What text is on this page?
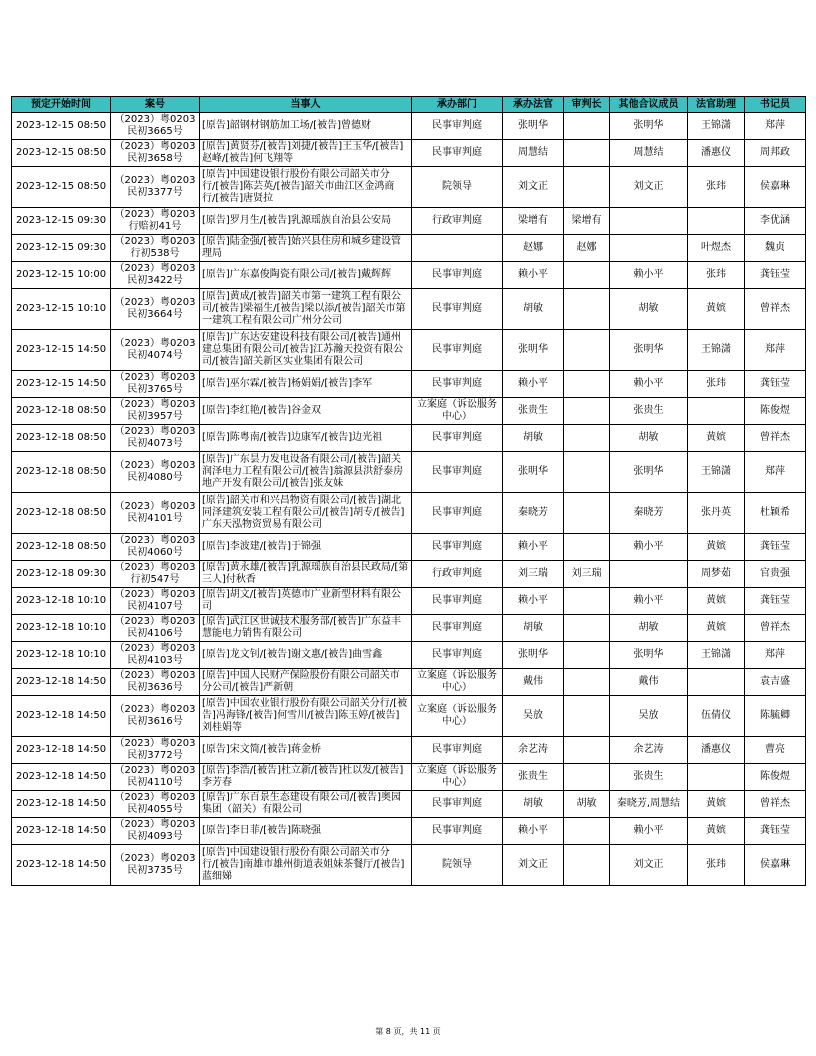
预定开始时间	案号	当事人	承办部门	承办法官	审判长	其他合议成员	法官助理	书记员
2023-12-15 08:50	（2023）粤0203民初3665号	[原告]韶钢材钢筋加工场/[被告]曾德财	民事审判庭	张明华		张明华	王锦潇	郑萍
2023-12-15 08:50	（2023）粤0203民初3658号	[原告]黄贤芬/[被告]刘捷/[被告]王玉华/[被告]赵峰/[被告]何飞翔等	民事审判庭	周慧结		周慧结	潘惠仪	周邦政
2023-12-15 08:50	（2023）粤0203民初3377号	[原告]中国建设银行股份有限公司韶关市分行/[被告]陈芸英/[被告]韶关市曲江区金鸿商行/[被告]唐贤拉	院领导	刘文正		刘文正	张玮	侯嘉琳
2023-12-15 09:30	（2023）粤0203行赔初41号	[原告]罗月生/[被告]乳源瑶族自治县公安局	行政审判庭	梁增有	梁增有			李优涵
2023-12-15 09:30	（2023）粤0203行初538号	[原告]陆金强/[被告]始兴县住房和城乡建设管理局		赵娜	赵娜		叶煜杰	魏贞
2023-12-15 10:00	（2023）粤0203民初3422号	[原告]广东嘉俊陶瓷有限公司/[被告]戴辉辉	民事审判庭	赖小平		赖小平	张玮	龚钰莹
2023-12-15 10:10	（2023）粤0203民初3664号	[原告]黄成/[被告]韶关市第一建筑工程有限公司/[被告]梁福生/[被告]梁以添/[被告]韶关市第一建筑工程有限公司广州分公司	民事审判庭	胡敏		胡敏	黄嫔	曾祥杰
2023-12-15 14:50	（2023）粤0203民初4074号	[原告]广东达安建设科技有限公司/[被告]通州建总集团有限公司/[被告]江苏瀚天投资有限公司/[被告]韶关新区实业集团有限公司	民事审判庭	张明华		张明华	王锦潇	郑萍
2023-12-15 14:50	（2023）粤0203民初3765号	[原告]巫尔霖/[被告]杨娟娟/[被告]李军	民事审判庭	赖小平		赖小平	张玮	龚钰莹
2023-12-18 08:50	（2023）粤0203民初3957号	[原告]李红艳/[被告]谷金双	立案庭（诉讼服务中心）	张贵生		张贵生		陈俊煜
2023-12-18 08:50	（2023）粤0203民初4073号	[原告]陈粤南/[被告]边康军/[被告]边光祖	民事审判庭	胡敏		胡敏	黄嫔	曾祥杰
2023-12-18 08:50	（2023）粤0203民初4080号	[原告]广东昙力发电设备有限公司/[被告]韶关润泽电力工程有限公司/[被告]翁源县洪舒泰房地产开发有限公司/[被告]张友妹	民事审判庭	张明华		张明华	王锦潇	郑萍
2023-12-18 08:50	（2023）粤0203民初4101号	[原告]韶关市和兴昌物资有限公司/[被告]湖北同泽建筑安装工程有限公司/[被告]胡专/[被告]广东天泓物资贸易有限公司	民事审判庭	秦晓芳		秦晓芳	张丹英	杜颖希
2023-12-18 08:50	（2023）粤0203民初4060号	[原告]李波建/[被告]于锦强	民事审判庭	赖小平		赖小平	黄嫔	龚钰莹
2023-12-18 09:30	（2023）粤0203行初547号	[原告]黄永雄/[被告]乳源瑶族自治县民政局/[第三人]付秋香	行政审判庭	刘三瑞	刘三瑞		周梦茹	官贵强
2023-12-18 10:10	（2023）粤0203民初4107号	[原告]胡文/[被告]英德市广业新型材料有限公司	民事审判庭	赖小平		赖小平	黄嫔	龚钰莹
2023-12-18 10:10	（2023）粤0203民初4106号	[原告]武江区世诚技术服务部/[被告]广东益丰慧能电力销售有限公司	民事审判庭	胡敏		胡敏	黄嫔	曾祥杰
2023-12-18 10:10	（2023）粤0203民初4103号	[原告]龙文钊/[被告]谢文惠/[被告]曲雪鑫	民事审判庭	张明华		张明华	王锦潇	郑萍
2023-12-18 14:50	（2023）粤0203民初3636号	[原告]中国人民财产保险股份有限公司韶关市分公司/[被告]严新朝	立案庭（诉讼服务中心）	戴伟		戴伟		袁吉盛
2023-12-18 14:50	（2023）粤0203民初3616号	[原告]中国农业银行股份有限公司韶关分行/[被告]冯海锋/[被告]何雪川/[被告]陈玉婷/[被告]刘桂娟等	立案庭（诉讼服务中心）	吴放		吴放	伍倩仪	陈毓卿
2023-12-18 14:50	（2023）粤0203民初3772号	[原告]宋文简/[被告]蒋金桥	民事审判庭	余艺涛		余艺涛	潘惠仪	曹亮
2023-12-18 14:50	（2023）粤0203民初4110号	[原告]李浩/[被告]杜立新/[被告]杜以发/[被告]李芳春	立案庭（诉讼服务中心）	张贵生		张贵生		陈俊煜
2023-12-18 14:50	（2023）粤0203民初4055号	[原告]广东百景生态建设有限公司/[被告]奥园集团（韶关）有限公司	民事审判庭	胡敏	胡敏	秦晓芳,周慧结	黄嫔	曾祥杰
2023-12-18 14:50	（2023）粤0203民初4093号	[原告]李日菲/[被告]陈晓强	民事审判庭	赖小平		赖小平	黄嫔	龚钰莹
2023-12-18 14:50	（2023）粤0203民初3735号	[原告]中国建设银行股份有限公司韶关市分行/[被告]南雄市雄州街道表姐妹茶餐厅/[被告]蓝细娣	院领导	刘文正		刘文正	张玮	侯嘉琳
第 8 页，共 11 页
